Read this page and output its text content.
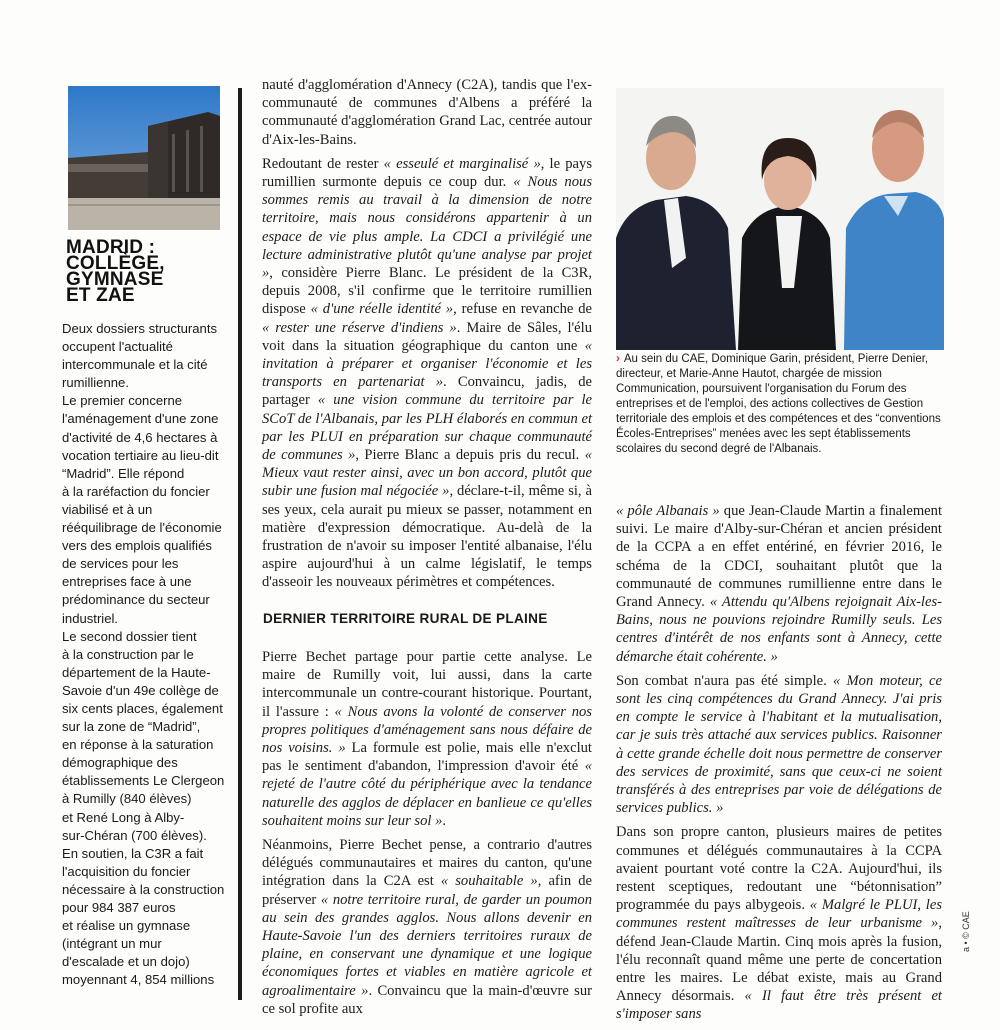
MADRID :
COLLÈGE,
GYMNASE
ET ZAE
Deux dossiers structurants
occupent l'actualité
intercommunale et la cité
rumillienne.
Le premier concerne
l'aménagement d'une zone
d'activité de 4,6 hectares à
vocation tertiaire au lieu-dit
“Madrid”. Elle répond
à la raréfaction du foncier
viabilisé et à un
rééquilibrage de l'économie
vers des emplois qualifiés
de services pour les
entreprises face à une
prédominance du secteur
industriel.
Le second dossier tient
à la construction par le
département de la Haute-
Savoie d'un 49e collège de
six cents places, également
sur la zone de “Madrid”,
en réponse à la saturation
démographique des
établissements Le Clergeon
à Rumilly (840 élèves)
et René Long à Alby-
sur-Chéran (700 élèves).
En soutien, la C3R a fait
l'acquisition du foncier
nécessaire à la construction
pour 984 387 euros
et réalise un gymnase
(intégrant un mur
d'escalade et un dojo)
moyennant 4, 854 millions

nauté d'agglomération d'Annecy (C2A), tandis que l'ex-communauté de communes d'Albens a préféré la communauté d'agglomération Grand Lac, centrée autour d'Aix-les-Bains.

Redoutant de rester « esseulé et marginalisé », le pays rumillien surmonte depuis ce coup dur. « Nous nous sommes remis au travail à la dimension de notre territoire, mais nous considérons appartenir à un espace de vie plus ample. La CDCI a privilégié une lecture administrative plutôt qu'une analyse par projet », considère Pierre Blanc. Le président de la C3R, depuis 2008, s'il confirme que le territoire rumillien dispose « d'une réelle identité », refuse en revanche de « rester une réserve d'indiens ». Maire de Sâles, l'élu voit dans la situation géographique du canton une « invitation à préparer et organiser l'économie et les transports en partenariat ». Convaincu, jadis, de partager « une vision commune du territoire par le SCoT de l'Albanais, par les PLH élaborés en commun et par les PLUI en préparation sur chaque communauté de communes », Pierre Blanc a depuis pris du recul. « Mieux vaut rester ainsi, avec un bon accord, plutôt que subir une fusion mal négociée », déclare-t-il, même si, à ses yeux, cela aurait pu mieux se passer, notamment en matière d'expression démocratique. Au-delà de la frustration de n'avoir su imposer l'entité albanaise, l'élu aspire aujourd'hui à un calme législatif, le temps d'asseoir les nouveaux périmètres et compétences.

DERNIER TERRITOIRE RURAL DE PLAINE

Pierre Bechet partage pour partie cette analyse. Le maire de Rumilly voit, lui aussi, dans la carte intercommunale un contre-courant historique. Pourtant, il l'assure : « Nous avons la volonté de conserver nos propres politiques d'aménagement sans nous défaire de nos voisins. » La formule est polie, mais elle n'exclut pas le sentiment d'abandon, l'impression d'avoir été « rejeté de l'autre côté du périphérique avec la tendance naturelle des agglos de déplacer en banlieue ce qu'elles souhaitent moins sur leur sol ».

Néanmoins, Pierre Bechet pense, a contrario d'autres délégués communautaires et maires du canton, qu'une intégration dans la C2A est « souhaitable », afin de préserver « notre territoire rural, de garder un poumon au sein des grandes agglos. Nous allons devenir en Haute-Savoie l'un des derniers territoires ruraux de plaine, en conservant une dynamique et une logique économiques fortes et viables en matière agricole et agroalimentaire ». Convaincu que la main-d'œuvre sur ce sol profite aux

› Au sein du CAE, Dominique Garin, président, Pierre Denier, directeur, et Marie-Anne Hautot, chargée de mission Communication, poursuivent l'organisation du Forum des entreprises et de l'emploi, des actions collectives de Gestion territoriale des emplois et des compétences et des “conventions Écoles-Entreprises” menées avec les sept établissements scolaires du second degré de l'Albanais.

« pôle Albanais » que Jean-Claude Martin a finalement suivi. Le maire d'Alby-sur-Chéran et ancien président de la CCPA a en effet entériné, en février 2016, le schéma de la CDCI, souhaitant plutôt que la communauté de communes rumillienne entre dans le Grand Annecy. « Attendu qu'Albens rejoignait Aix-les-Bains, nous ne pouvions rejoindre Rumilly seuls. Les centres d'intérêt de nos enfants sont à Annecy, cette démarche était cohérente. »

Son combat n'aura pas été simple. « Mon moteur, ce sont les cinq compétences du Grand Annecy. J'ai pris en compte le service à l'habitant et la mutualisation, car je suis très attaché aux services publics. Raisonner à cette grande échelle doit nous permettre de conserver des services de proximité, sans que ceux-ci ne soient transférés à des entreprises par voie de délégations de services publics. »

Dans son propre canton, plusieurs maires de petites communes et délégués communautaires à la CCPA avaient pourtant voté contre la C2A. Aujourd'hui, ils restent sceptiques, redoutant une “bétonnisation” programmée du pays albygeois. « Malgré le PLUI, les communes restent maîtresses de leur urbanisme », défend Jean-Claude Martin. Cinq mois après la fusion, l'élu reconnaît quand même une perte de concertation entre les maires. Le débat existe, mais au Grand Annecy désormais. « Il faut être très présent et s'imposer sans

a • © CAE
